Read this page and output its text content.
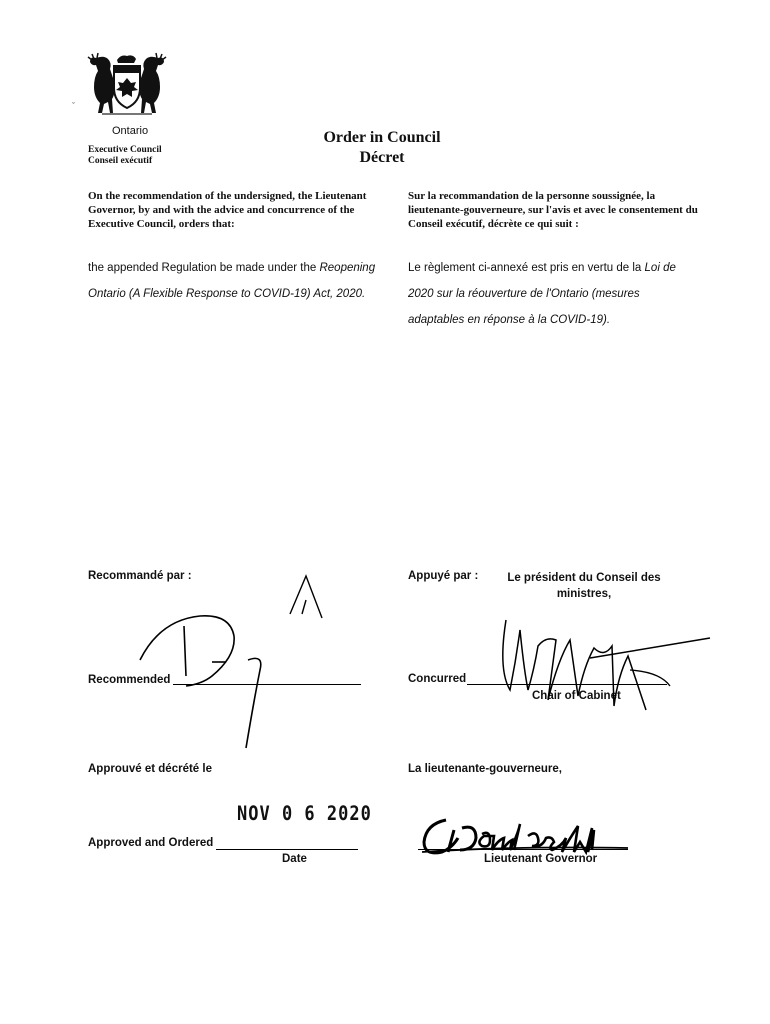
ˇ
Ontario
Executive Council
Conseil exécutif
Order in Council
Décret
On the recommendation of the undersigned, the Lieutenant Governor, by and with the advice and concurrence of the Executive Council, orders that:
Sur la recommandation de la personne soussignée, la lieutenante-gouverneure, sur l'avis et avec le consentement du Conseil exécutif, décrète ce qui suit :
the appended Regulation be made under the Reopening Ontario (A Flexible Response to COVID-19) Act, 2020.
Le règlement ci-annexé est pris en vertu de la Loi de 2020 sur la réouverture de l'Ontario (mesures adaptables en réponse à la COVID-19).
Recommandé par :
Recommended
Appuyé par :	Le président du Conseil des ministres,
Concurred
Chair of Cabinet
Approuvé et décrété le
NOV 0 6 2020
Approved and Ordered
Date
La lieutenante-gouverneure,
Lieutenant Governor
